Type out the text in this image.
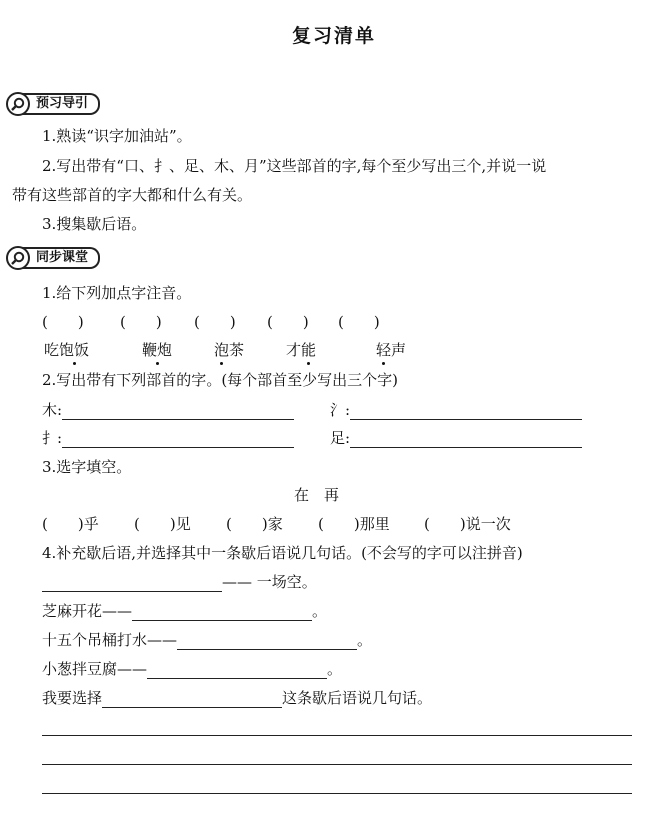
复习清单
预习导引
1.熟读“识字加油站”。
2.写出带有“口、扌、足、木、月”这些部首的字,每个至少写出三个,并说一说
带有这些部首的字大都和什么有关。
3.搜集歇后语。
同步课堂
1.给下列加点字注音。
(　　) (　　) (　　) (　　) (　　)
吃饱饭	鞭炮	泡茶	才能	轻声
2.写出带有下列部首的字。(每个部首至少写出三个字)
木:	氵:
扌:	足:
3.选字填空。
在　再
(　　)乎 (　　)见 (　　)家 (　　)那里 (　　)说一次
4.补充歇后语,并选择其中一条歇后语说几句话。(不会写的字可以注拼音)
—— 一场空。
芝麻开花——	。
十五个吊桶打水——	。
小葱拌豆腐——	。
我要选择	这条歇后语说几句话。
